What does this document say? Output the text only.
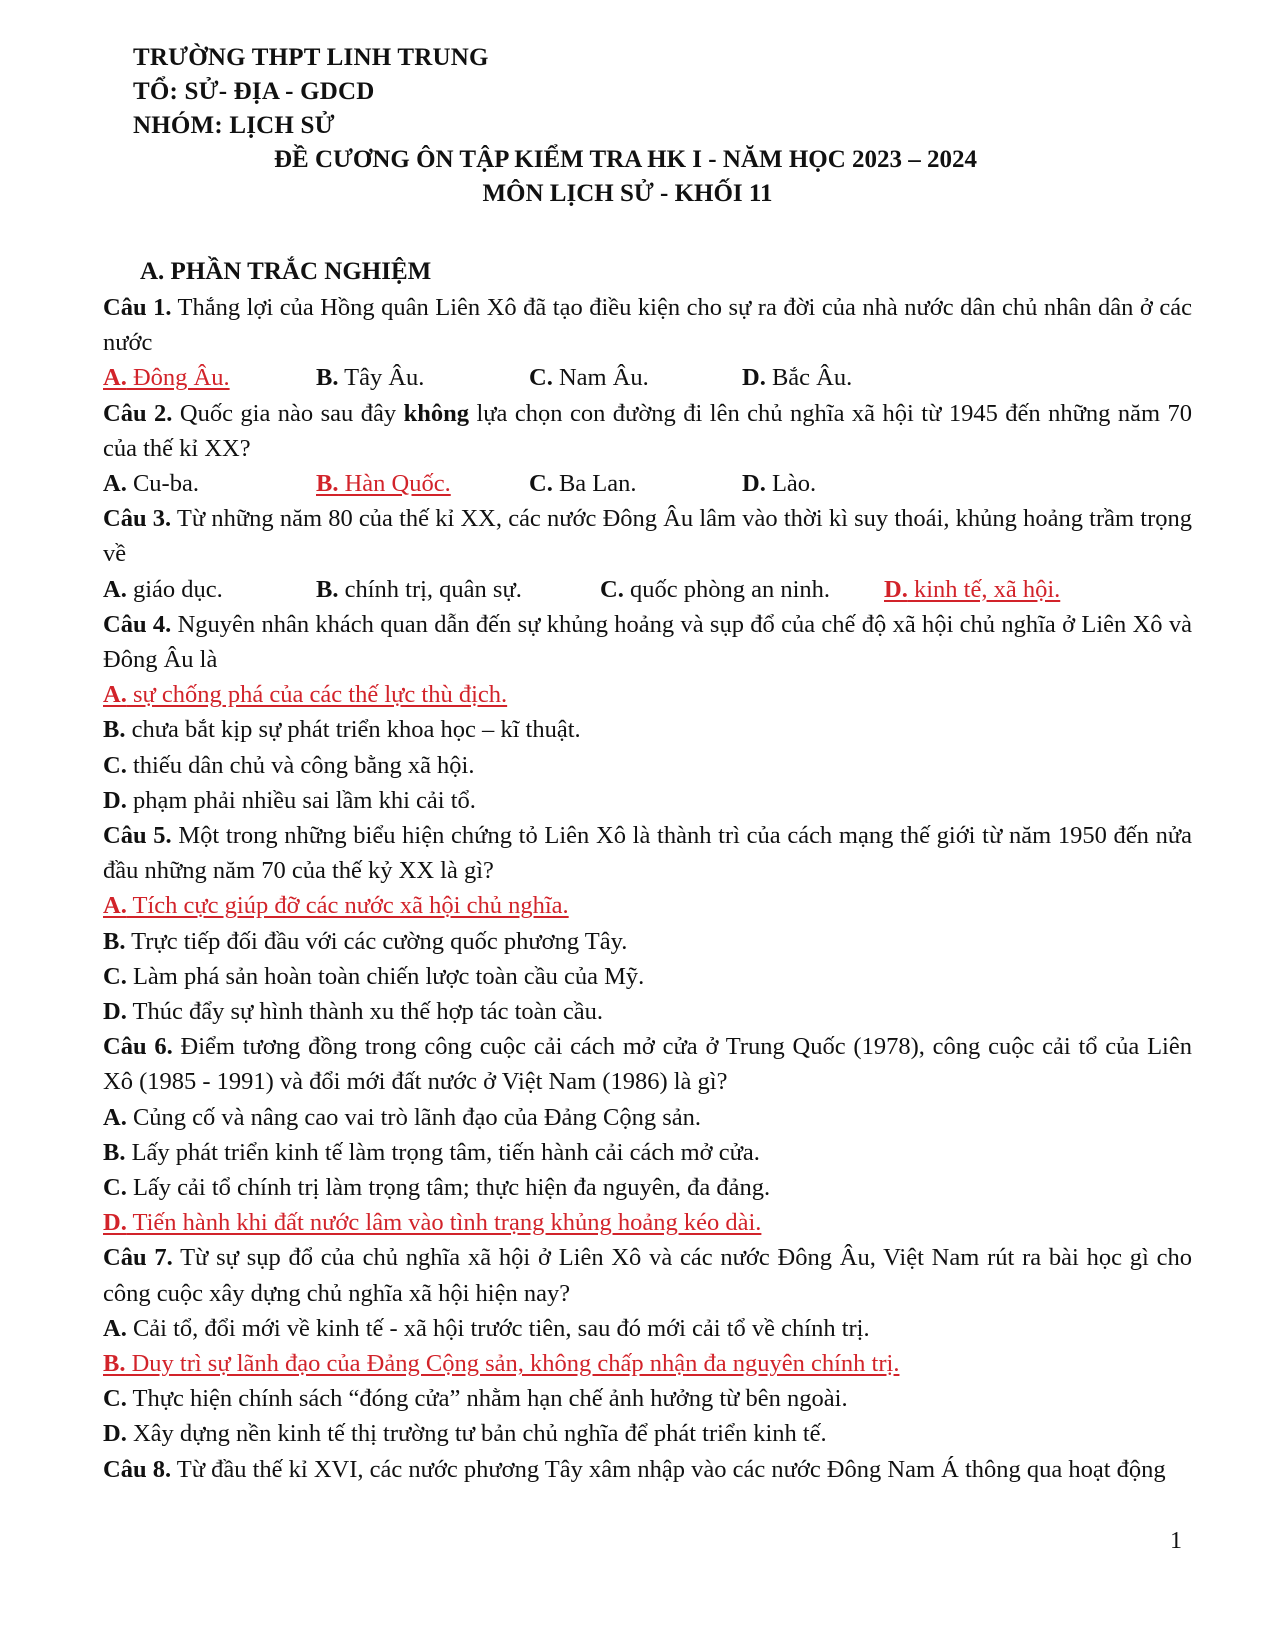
TRƯỜNG THPT LINH TRUNG
TỔ: SỬ- ĐỊA - GDCD
NHÓM: LỊCH SỬ
ĐỀ CƯƠNG ÔN TẬP KIỂM TRA HK I - NĂM HỌC 2023 – 2024
MÔN LỊCH SỬ - KHỐI 11
A. PHẦN TRẮC NGHIỆM

Câu 1. Thắng lợi của Hồng quân Liên Xô đã tạo điều kiện cho sự ra đời của nhà nước dân chủ nhân dân ở các nước

A. Đông Âu.	B. Tây Âu.	C. Nam Âu.	D. Bắc Âu.

Câu 2. Quốc gia nào sau đây không lựa chọn con đường đi lên chủ nghĩa xã hội từ 1945 đến những năm 70 của thế kỉ XX?

A. Cu-ba.	B. Hàn Quốc.	C. Ba Lan.	D. Lào.

Câu 3. Từ những năm 80 của thế kỉ XX, các nước Đông Âu lâm vào thời kì suy thoái, khủng hoảng trầm trọng về

A. giáo dục.	B. chính trị, quân sự.	C. quốc phòng an ninh. D. kinh tế, xã hội.

Câu 4. Nguyên nhân khách quan dẫn đến sự khủng hoảng và sụp đổ của chế độ xã hội chủ nghĩa ở Liên Xô và Đông Âu là

A. sự chống phá của các thế lực thù địch.

B. chưa bắt kịp sự phát triển khoa học – kĩ thuật.

C. thiếu dân chủ và công bằng xã hội.

D. phạm phải nhiều sai lầm khi cải tổ.

Câu 5. Một trong những biểu hiện chứng tỏ Liên Xô là thành trì của cách mạng thế giới từ năm 1950 đến nửa đầu những năm 70 của thế kỷ XX là gì?

A. Tích cực giúp đỡ các nước xã hội chủ nghĩa.

B. Trực tiếp đối đầu với các cường quốc phương Tây.

C. Làm phá sản hoàn toàn chiến lược toàn cầu của Mỹ.

D. Thúc đẩy sự hình thành xu thế hợp tác toàn cầu.

Câu 6. Điểm tương đồng trong công cuộc cải cách mở cửa ở Trung Quốc (1978), công cuộc cải tổ của Liên Xô (1985 - 1991) và đổi mới đất nước ở Việt Nam (1986) là gì?

A. Củng cố và nâng cao vai trò lãnh đạo của Đảng Cộng sản.

B. Lấy phát triển kinh tế làm trọng tâm, tiến hành cải cách mở cửa.

C. Lấy cải tổ chính trị làm trọng tâm; thực hiện đa nguyên, đa đảng.

D. Tiến hành khi đất nước lâm vào tình trạng khủng hoảng kéo dài.

Câu 7. Từ sự sụp đổ của chủ nghĩa xã hội ở Liên Xô và các nước Đông Âu, Việt Nam rút ra bài học gì cho công cuộc xây dựng chủ nghĩa xã hội hiện nay?

A. Cải tổ, đổi mới về kinh tế - xã hội trước tiên, sau đó mới cải tổ về chính trị.

B. Duy trì sự lãnh đạo của Đảng Cộng sản, không chấp nhận đa nguyên chính trị.

C. Thực hiện chính sách “đóng cửa” nhằm hạn chế ảnh hưởng từ bên ngoài.

D. Xây dựng nền kinh tế thị trường tư bản chủ nghĩa để phát triển kinh tế.

Câu 8. Từ đầu thế kỉ XVI, các nước phương Tây xâm nhập vào các nước Đông Nam Á thông qua hoạt động

1
